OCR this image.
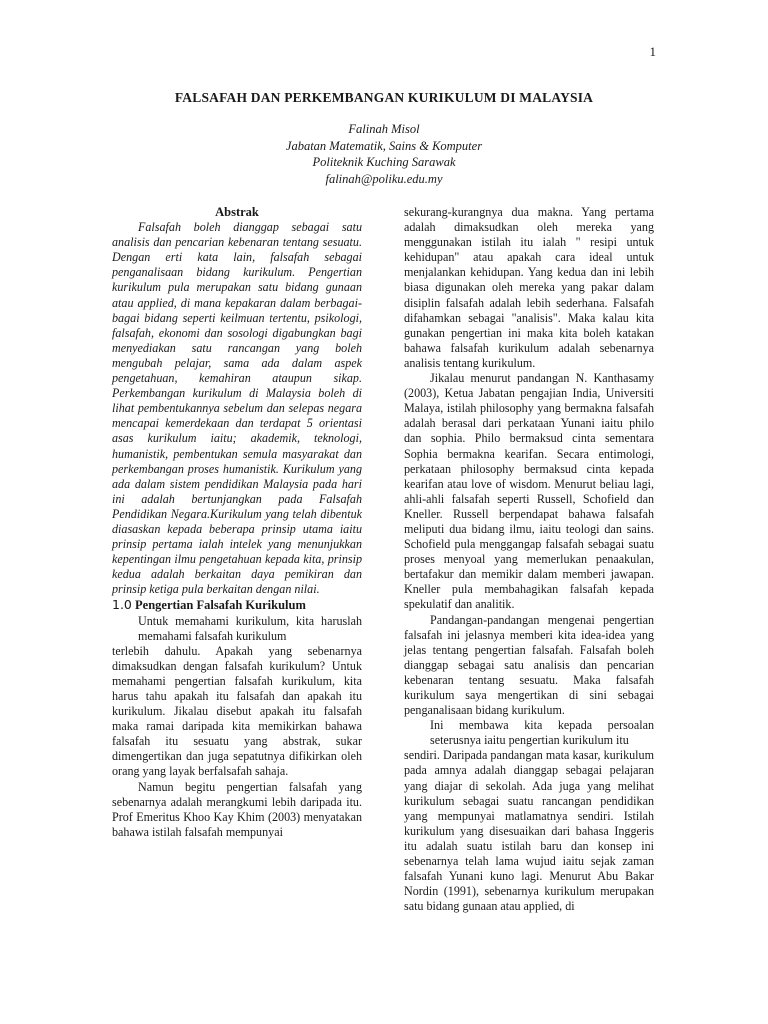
1
FALSAFAH DAN PERKEMBANGAN KURIKULUM DI MALAYSIA
Falinah Misol
Jabatan Matematik, Sains & Komputer
Politeknik Kuching Sarawak
falinah@poliku.edu.my

Abstrak

Falsafah boleh dianggap sebagai satu analisis dan pencarian kebenaran tentang sesuatu. Dengan erti kata lain, falsafah sebagai penganalisaan bidang kurikulum. Pengertian kurikulum pula merupakan satu bidang gunaan atau applied, di mana kepakaran dalam berbagai-bagai bidang seperti keilmuan tertentu, psikologi, falsafah, ekonomi dan sosologi digabungkan bagi menyediakan satu rancangan yang boleh mengubah pelajar, sama ada dalam aspek pengetahuan, kemahiran ataupun sikap. Perkembangan kurikulum di Malaysia boleh di lihat pembentukannya sebelum dan selepas negara mencapai kemerdekaan dan terdapat 5 orientasi asas kurikulum iaitu; akademik, teknologi, humanistik, pembentukan semula masyarakat dan perkembangan proses humanistik. Kurikulum yang ada dalam sistem pendidikan Malaysia pada hari ini adalah bertunjangkan pada Falsafah Pendidikan Negara.Kurikulum yang telah dibentuk diasaskan kepada beberapa prinsip utama iaitu prinsip pertama ialah intelek yang menunjukkan kepentingan ilmu pengetahuan kepada kita, prinsip kedua adalah berkaitan daya pemikiran dan prinsip ketiga pula berkaitan dengan nilai.

1.0 Pengertian Falsafah Kurikulum

Untuk memahami kurikulum, kita haruslah memahami falsafah kurikulum

terlebih dahulu. Apakah yang sebenarnya dimaksudkan dengan falsafah kurikulum? Untuk memahami pengertian falsafah kurikulum, kita harus tahu apakah itu falsafah dan apakah itu kurikulum. Jikalau disebut apakah itu falsafah maka ramai daripada kita memikirkan bahawa falsafah itu sesuatu yang abstrak, sukar dimengertikan dan juga sepatutnya difikirkan oleh orang yang layak berfalsafah sahaja.

Namun begitu pengertian falsafah yang sebenarnya adalah merangkumi lebih daripada itu. Prof Emeritus Khoo Kay Khim (2003) menyatakan bahawa istilah falsafah mempunyai

sekurang-kurangnya dua makna. Yang pertama adalah dimaksudkan oleh mereka yang menggunakan istilah itu ialah " resipi untuk kehidupan" atau apakah cara ideal untuk menjalankan kehidupan. Yang kedua dan ini lebih biasa digunakan oleh mereka yang pakar dalam disiplin falsafah adalah lebih sederhana. Falsafah difahamkan sebagai "analisis". Maka kalau kita gunakan pengertian ini maka kita boleh katakan bahawa falsafah kurikulum adalah sebenarnya analisis tentang kurikulum.

Jikalau menurut pandangan N. Kanthasamy (2003), Ketua Jabatan pengajian India, Universiti Malaya, istilah philosophy yang bermakna falsafah adalah berasal dari perkataan Yunani iaitu philo dan sophia. Philo bermaksud cinta sementara Sophia bermakna kearifan. Secara entimologi, perkataan philosophy bermaksud cinta kepada kearifan atau love of wisdom. Menurut beliau lagi, ahli-ahli falsafah seperti Russell, Schofield dan Kneller. Russell berpendapat bahawa falsafah meliputi dua bidang ilmu, iaitu teologi dan sains. Schofield pula menggangap falsafah sebagai suatu proses menyoal yang memerlukan penaakulan, bertafakur dan memikir dalam memberi jawapan. Kneller pula membahagikan falsafah kepada spekulatif dan analitik.

Pandangan-pandangan mengenai pengertian falsafah ini jelasnya memberi kita idea-idea yang jelas tentang pengertian falsafah. Falsafah boleh dianggap sebagai satu analisis dan pencarian kebenaran tentang sesuatu. Maka falsafah kurikulum saya mengertikan di sini sebagai penganalisaan bidang kurikulum.

Ini membawa kita kepada persoalan seterusnya iaitu pengertian kurikulum itu

sendiri. Daripada pandangan mata kasar, kurikulum pada amnya adalah dianggap sebagai pelajaran yang diajar di sekolah. Ada juga yang melihat kurikulum sebagai suatu rancangan pendidikan yang mempunyai matlamatnya sendiri. Istilah kurikulum yang disesuaikan dari bahasa Inggeris itu adalah suatu istilah baru dan konsep ini sebenarnya telah lama wujud iaitu sejak zaman falsafah Yunani kuno lagi. Menurut Abu Bakar Nordin (1991), sebenarnya kurikulum merupakan satu bidang gunaan atau applied, di
